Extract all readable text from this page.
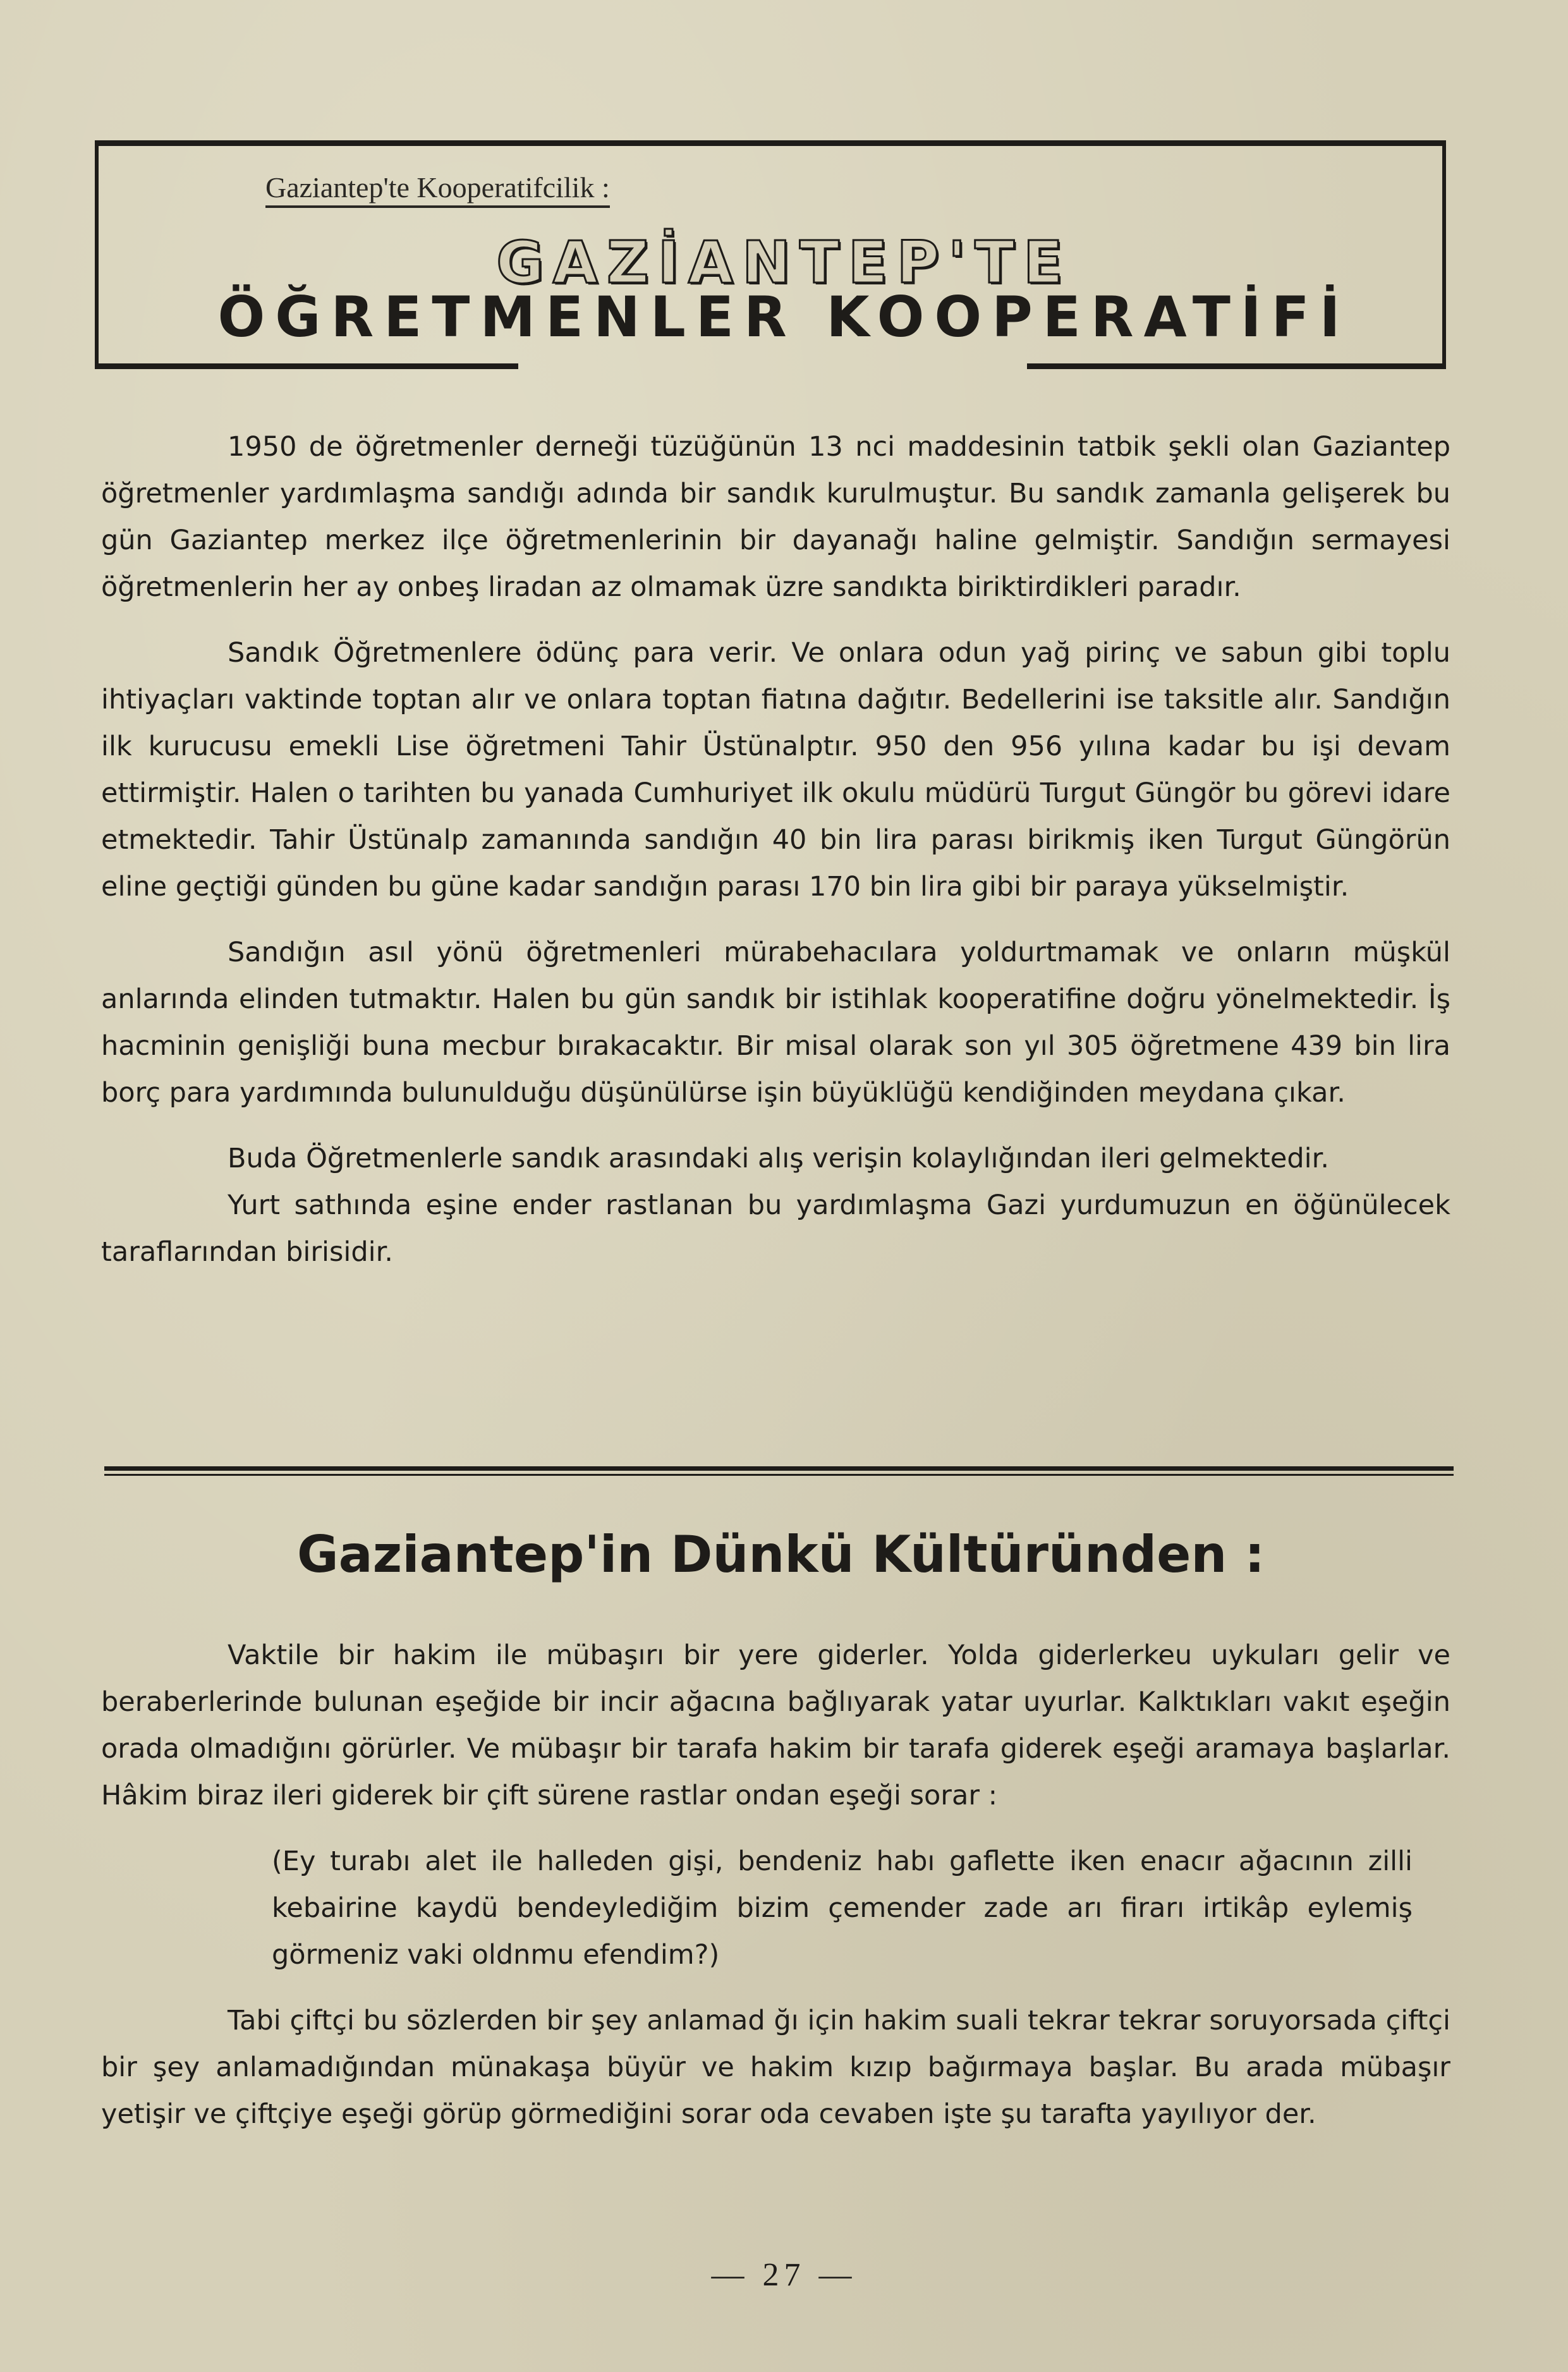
Gaziantep'te Kooperatifcilik :
GAZİANTEP'TE
ÖĞRETMENLER KOOPERATİFİ

1950 de öğretmenler derneği tüzüğünün 13 nci maddesinin tatbik şekli olan Gaziantep öğretmenler yardımlaşma sandığı adında bir sandık kurulmuştur. Bu sandık zamanla gelişerek bu gün Gaziantep merkez ilçe öğretmenlerinin bir dayanağı haline gelmiştir. Sandığın sermayesi öğretmenlerin her ay onbeş liradan az olmamak üzre sandıkta biriktirdikleri paradır.

Sandık Öğretmenlere ödünç para verir. Ve onlara odun yağ pirinç ve sabun gibi toplu ihtiyaçları vaktinde toptan alır ve onlara toptan fiatına dağıtır. Bedellerini ise taksitle alır. Sandığın ilk kurucusu emekli Lise öğretmeni Tahir Üstünalptır. 950 den 956 yılına kadar bu işi devam ettirmiştir. Halen o tarihten bu yanada Cumhuriyet ilk okulu müdürü Turgut Güngör bu görevi idare etmektedir. Tahir Üstünalp zamanında sandığın 40 bin lira parası birikmiş iken Turgut Güngörün eline geçtiği günden bu güne kadar sandığın parası 170 bin lira gibi bir paraya yükselmiştir.

Sandığın asıl yönü öğretmenleri mürabehacılara yoldurtmamak ve onların müşkül anlarında elinden tutmaktır. Halen bu gün sandık bir istihlak kooperatifine doğru yönelmektedir. İş hacminin genişliği buna mecbur bırakacaktır. Bir misal olarak son yıl 305 öğretmene 439 bin lira borç para yardımında bulunulduğu düşünülürse işin büyüklüğü kendiğinden meydana çıkar.

Buda Öğretmenlerle sandık arasındaki alış verişin kolaylığından ileri gelmektedir.

Yurt sathında eşine ender rastlanan bu yardımlaşma Gazi yurdumuzun en öğünülecek taraflarından birisidir.

Gaziantep'in Dünkü Kültüründen :

Vaktile bir hakim ile mübaşırı bir yere giderler. Yolda giderlerkeu uykuları gelir ve beraberlerinde bulunan eşeğide bir incir ağacına bağlıyarak yatar uyurlar. Kalktıkları vakıt eşeğin orada olmadığını görürler. Ve mübaşır bir tarafa hakim bir tarafa giderek eşeği aramaya başlarlar. Hâkim biraz ileri giderek bir çift sürene rastlar ondan eşeği sorar :

(Ey turabı alet ile halleden gişi, bendeniz habı gaflette iken enacır ağacının zilli kebairine kaydü bendeylediğim bizim çemender zade arı firarı irtikâp eylemiş görmeniz vaki oldnmu efendim?)

Tabi çiftçi bu sözlerden bir şey anlamad ğı için hakim suali tekrar tekrar soruyorsada çiftçi bir şey anlamadığından münakaşa büyür ve hakim kızıp bağırmaya başlar. Bu arada mübaşır yetişir ve çiftçiye eşeği görüp görmediğini sorar oda cevaben işte şu tarafta yayılıyor der.

— 27 —
